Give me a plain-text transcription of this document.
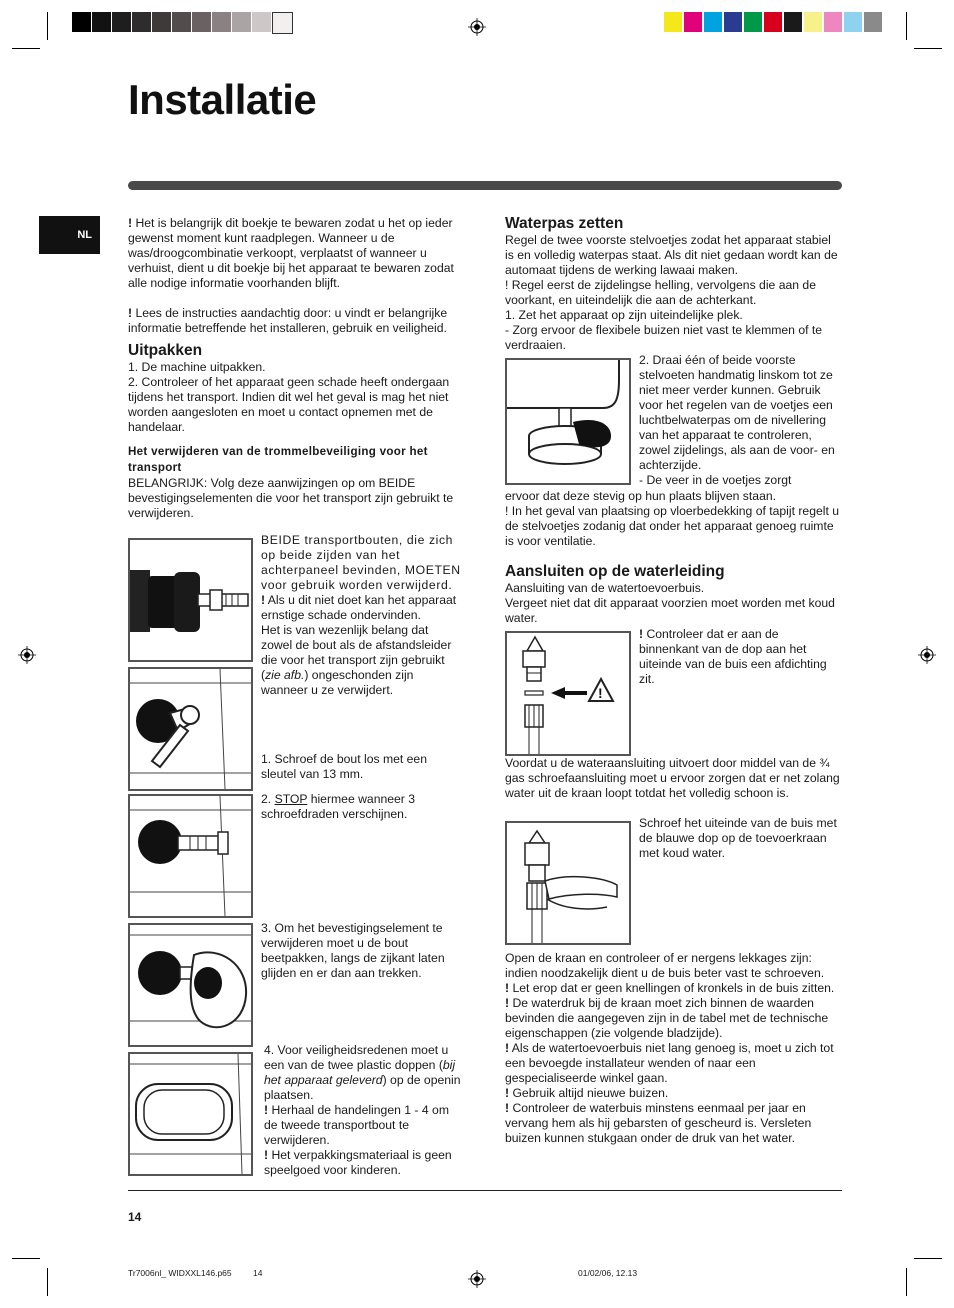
Installatie
NL

! Het is belangrijk dit boekje te bewaren zodat u het op ieder gewenst moment kunt raadplegen. Wanneer u de was/droogcombinatie verkoopt, verplaatst of wanneer u verhuist, dient u dit boekje bij het apparaat te bewaren zodat alle nodige informatie voorhanden blijft.

! Lees de instructies aandachtig door: u vindt er belangrijke informatie betreffende het installeren, gebruik en veiligheid.

Uitpakken

1. De machine uitpakken.

2. Controleer of het apparaat geen schade heeft ondergaan tijdens het transport. Indien dit wel het geval is mag het niet worden aangesloten en moet u contact opnemen met de handelaar.

Het verwijderen van de trommelbeveiliging voor het transport

BELANGRIJK: Volg deze aanwijzingen op om BEIDE bevestigingselementen die voor het transport zijn gebruikt te verwijderen.

BEIDE transportbouten, die zich op beide zijden van het achterpaneel bevinden, MOETEN voor gebruik worden verwijderd.

! Als u dit niet doet kan het apparaat ernstige schade ondervinden.

Het is van wezenlijk belang dat zowel de bout als de afstandsleider die voor het transport zijn gebruikt (zie afb.) ongeschonden zijn wanneer u ze verwijdert.

1. Schroef de bout los met een sleutel van 13 mm.
2. STOP hiermee wanneer 3 schroefdraden verschijnen.
3. Om het bevestigingselement te verwijderen moet u de bout beetpakken, langs de zijkant laten glijden en er dan aan trekken.

4. Voor veiligheidsredenen moet u een van de twee plastic doppen (bij het apparaat geleverd) op de openin plaatsen.

! Herhaal de handelingen 1 - 4 om de tweede transportbout te verwijderen.

! Het verpakkingsmateriaal is geen speelgoed voor kinderen.

Waterpas zetten

Regel de twee voorste stelvoetjes zodat het apparaat stabiel is en volledig waterpas staat. Als dit niet gedaan wordt kan de automaat tijdens de werking lawaai maken.

! Regel eerst de zijdelingse helling, vervolgens die aan de voorkant, en uiteindelijk die aan de achterkant.

1. Zet het apparaat op zijn uiteindelijke plek.

- Zorg ervoor de flexibele buizen niet vast te klemmen of te verdraaien.

2. Draai één of beide voorste stelvoeten handmatig linskom tot ze niet meer verder kunnen. Gebruik voor het regelen van de voetjes een luchtbelwaterpas om de nivellering van het apparaat te controleren, zowel zijdelings, als aan de voor- en achterzijde.

- De veer in de voetjes zorgt

ervoor dat deze stevig op hun plaats blijven staan.

! In het geval van plaatsing op vloerbedekking of tapijt regelt u de stelvoetjes zodanig dat onder het apparaat genoeg ruimte is voor ventilatie.

Aansluiten op de waterleiding

Aansluiting van de watertoevoerbuis.

Vergeet niet dat dit apparaat voorzien moet worden met koud water.

!
! Controleer dat er aan de binnenkant van de dop aan het uiteinde van de buis een afdichting zit.
Voordat u de wateraansluiting uitvoert door middel van de ¾ gas schroefaansluiting moet u ervoor zorgen dat er net zolang water uit de kraan loopt totdat het volledig schoon is.
Schroef het uiteinde van de buis met de blauwe dop op de toevoerkraan met koud water.

Open de kraan en controleer of er nergens lekkages zijn: indien noodzakelijk dient u de buis beter vast te schroeven.

! Let erop dat er geen knellingen of kronkels in de buis zitten.

! De waterdruk bij de kraan moet zich binnen de waarden bevinden die aangegeven zijn in de tabel met de technische eigenschappen (zie volgende bladzijde).

! Als de watertoevoerbuis niet lang genoeg is, moet u zich tot een bevoegde installateur wenden of naar een gespecialiseerde winkel gaan.

! Gebruik altijd nieuwe buizen.

! Controleer de waterbuis minstens eenmaal per jaar en vervang hem als hij gebarsten of gescheurd is. Versleten buizen kunnen stukgaan onder de druk van het water.

14
Tr7006nl_ WIDXXL146.p65	14	01/02/06, 12.13
